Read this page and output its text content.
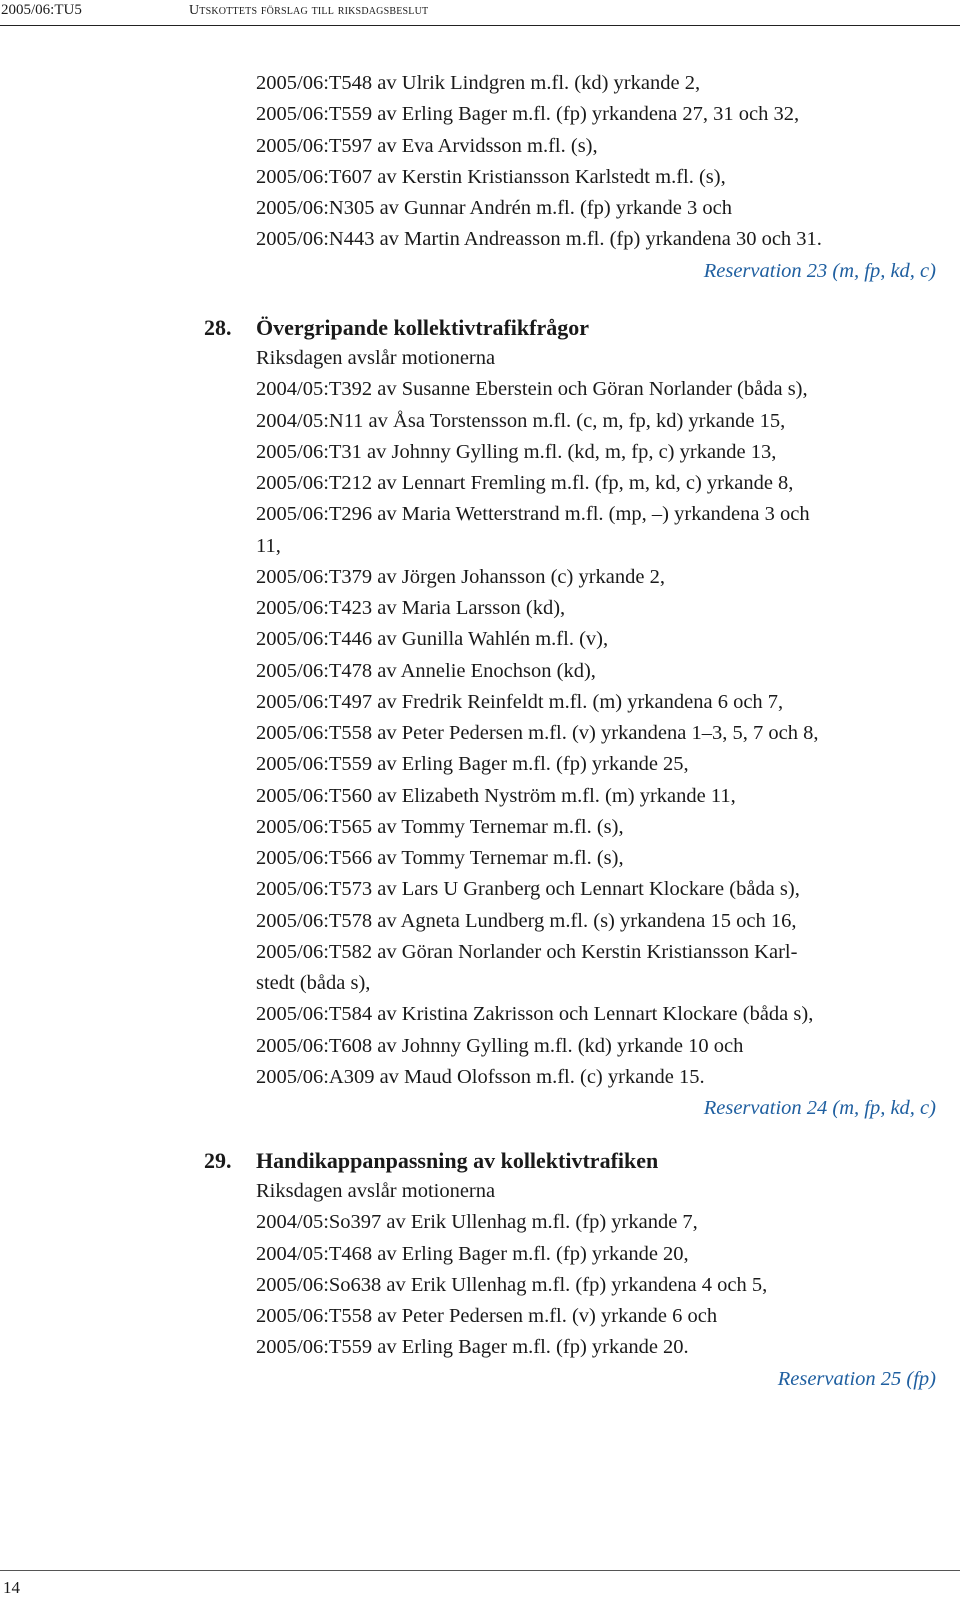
2005/06:TU5	Utskottets förslag till riksdagsbeslut
2005/06:T548 av Ulrik Lindgren m.fl. (kd) yrkande 2,
2005/06:T559 av Erling Bager m.fl. (fp) yrkandena 27, 31 och 32,
2005/06:T597 av Eva Arvidsson m.fl. (s),
2005/06:T607 av Kerstin Kristiansson Karlstedt m.fl. (s),
2005/06:N305 av Gunnar Andrén m.fl. (fp) yrkande 3 och
2005/06:N443 av Martin Andreasson m.fl. (fp) yrkandena 30 och 31.
Reservation 23 (m, fp, kd, c)
28. Övergripande kollektivtrafikfrågor
Riksdagen avslår motionerna
2004/05:T392 av Susanne Eberstein och Göran Norlander (båda s),
2004/05:N11 av Åsa Torstensson m.fl. (c, m, fp, kd) yrkande 15,
2005/06:T31 av Johnny Gylling m.fl. (kd, m, fp, c) yrkande 13,
2005/06:T212 av Lennart Fremling m.fl. (fp, m, kd, c) yrkande 8,
2005/06:T296 av Maria Wetterstrand m.fl. (mp, –) yrkandena 3 och
11,
2005/06:T379 av Jörgen Johansson (c) yrkande 2,
2005/06:T423 av Maria Larsson (kd),
2005/06:T446 av Gunilla Wahlén m.fl. (v),
2005/06:T478 av Annelie Enochson (kd),
2005/06:T497 av Fredrik Reinfeldt m.fl. (m) yrkandena 6 och 7,
2005/06:T558 av Peter Pedersen m.fl. (v) yrkandena 1–3, 5, 7 och 8,
2005/06:T559 av Erling Bager m.fl. (fp) yrkande 25,
2005/06:T560 av Elizabeth Nyström m.fl. (m) yrkande 11,
2005/06:T565 av Tommy Ternemar m.fl. (s),
2005/06:T566 av Tommy Ternemar m.fl. (s),
2005/06:T573 av Lars U Granberg och Lennart Klockare (båda s),
2005/06:T578 av Agneta Lundberg m.fl. (s) yrkandena 15 och 16,
2005/06:T582 av Göran Norlander och Kerstin Kristiansson Karl-
stedt (båda s),
2005/06:T584 av Kristina Zakrisson och Lennart Klockare (båda s),
2005/06:T608 av Johnny Gylling m.fl. (kd) yrkande 10 och
2005/06:A309 av Maud Olofsson m.fl. (c) yrkande 15.
Reservation 24 (m, fp, kd, c)
29. Handikappanpassning av kollektivtrafiken
Riksdagen avslår motionerna
2004/05:So397 av Erik Ullenhag m.fl. (fp) yrkande 7,
2004/05:T468 av Erling Bager m.fl. (fp) yrkande 20,
2005/06:So638 av Erik Ullenhag m.fl. (fp) yrkandena 4 och 5,
2005/06:T558 av Peter Pedersen m.fl. (v) yrkande 6 och
2005/06:T559 av Erling Bager m.fl. (fp) yrkande 20.
Reservation 25 (fp)
14
